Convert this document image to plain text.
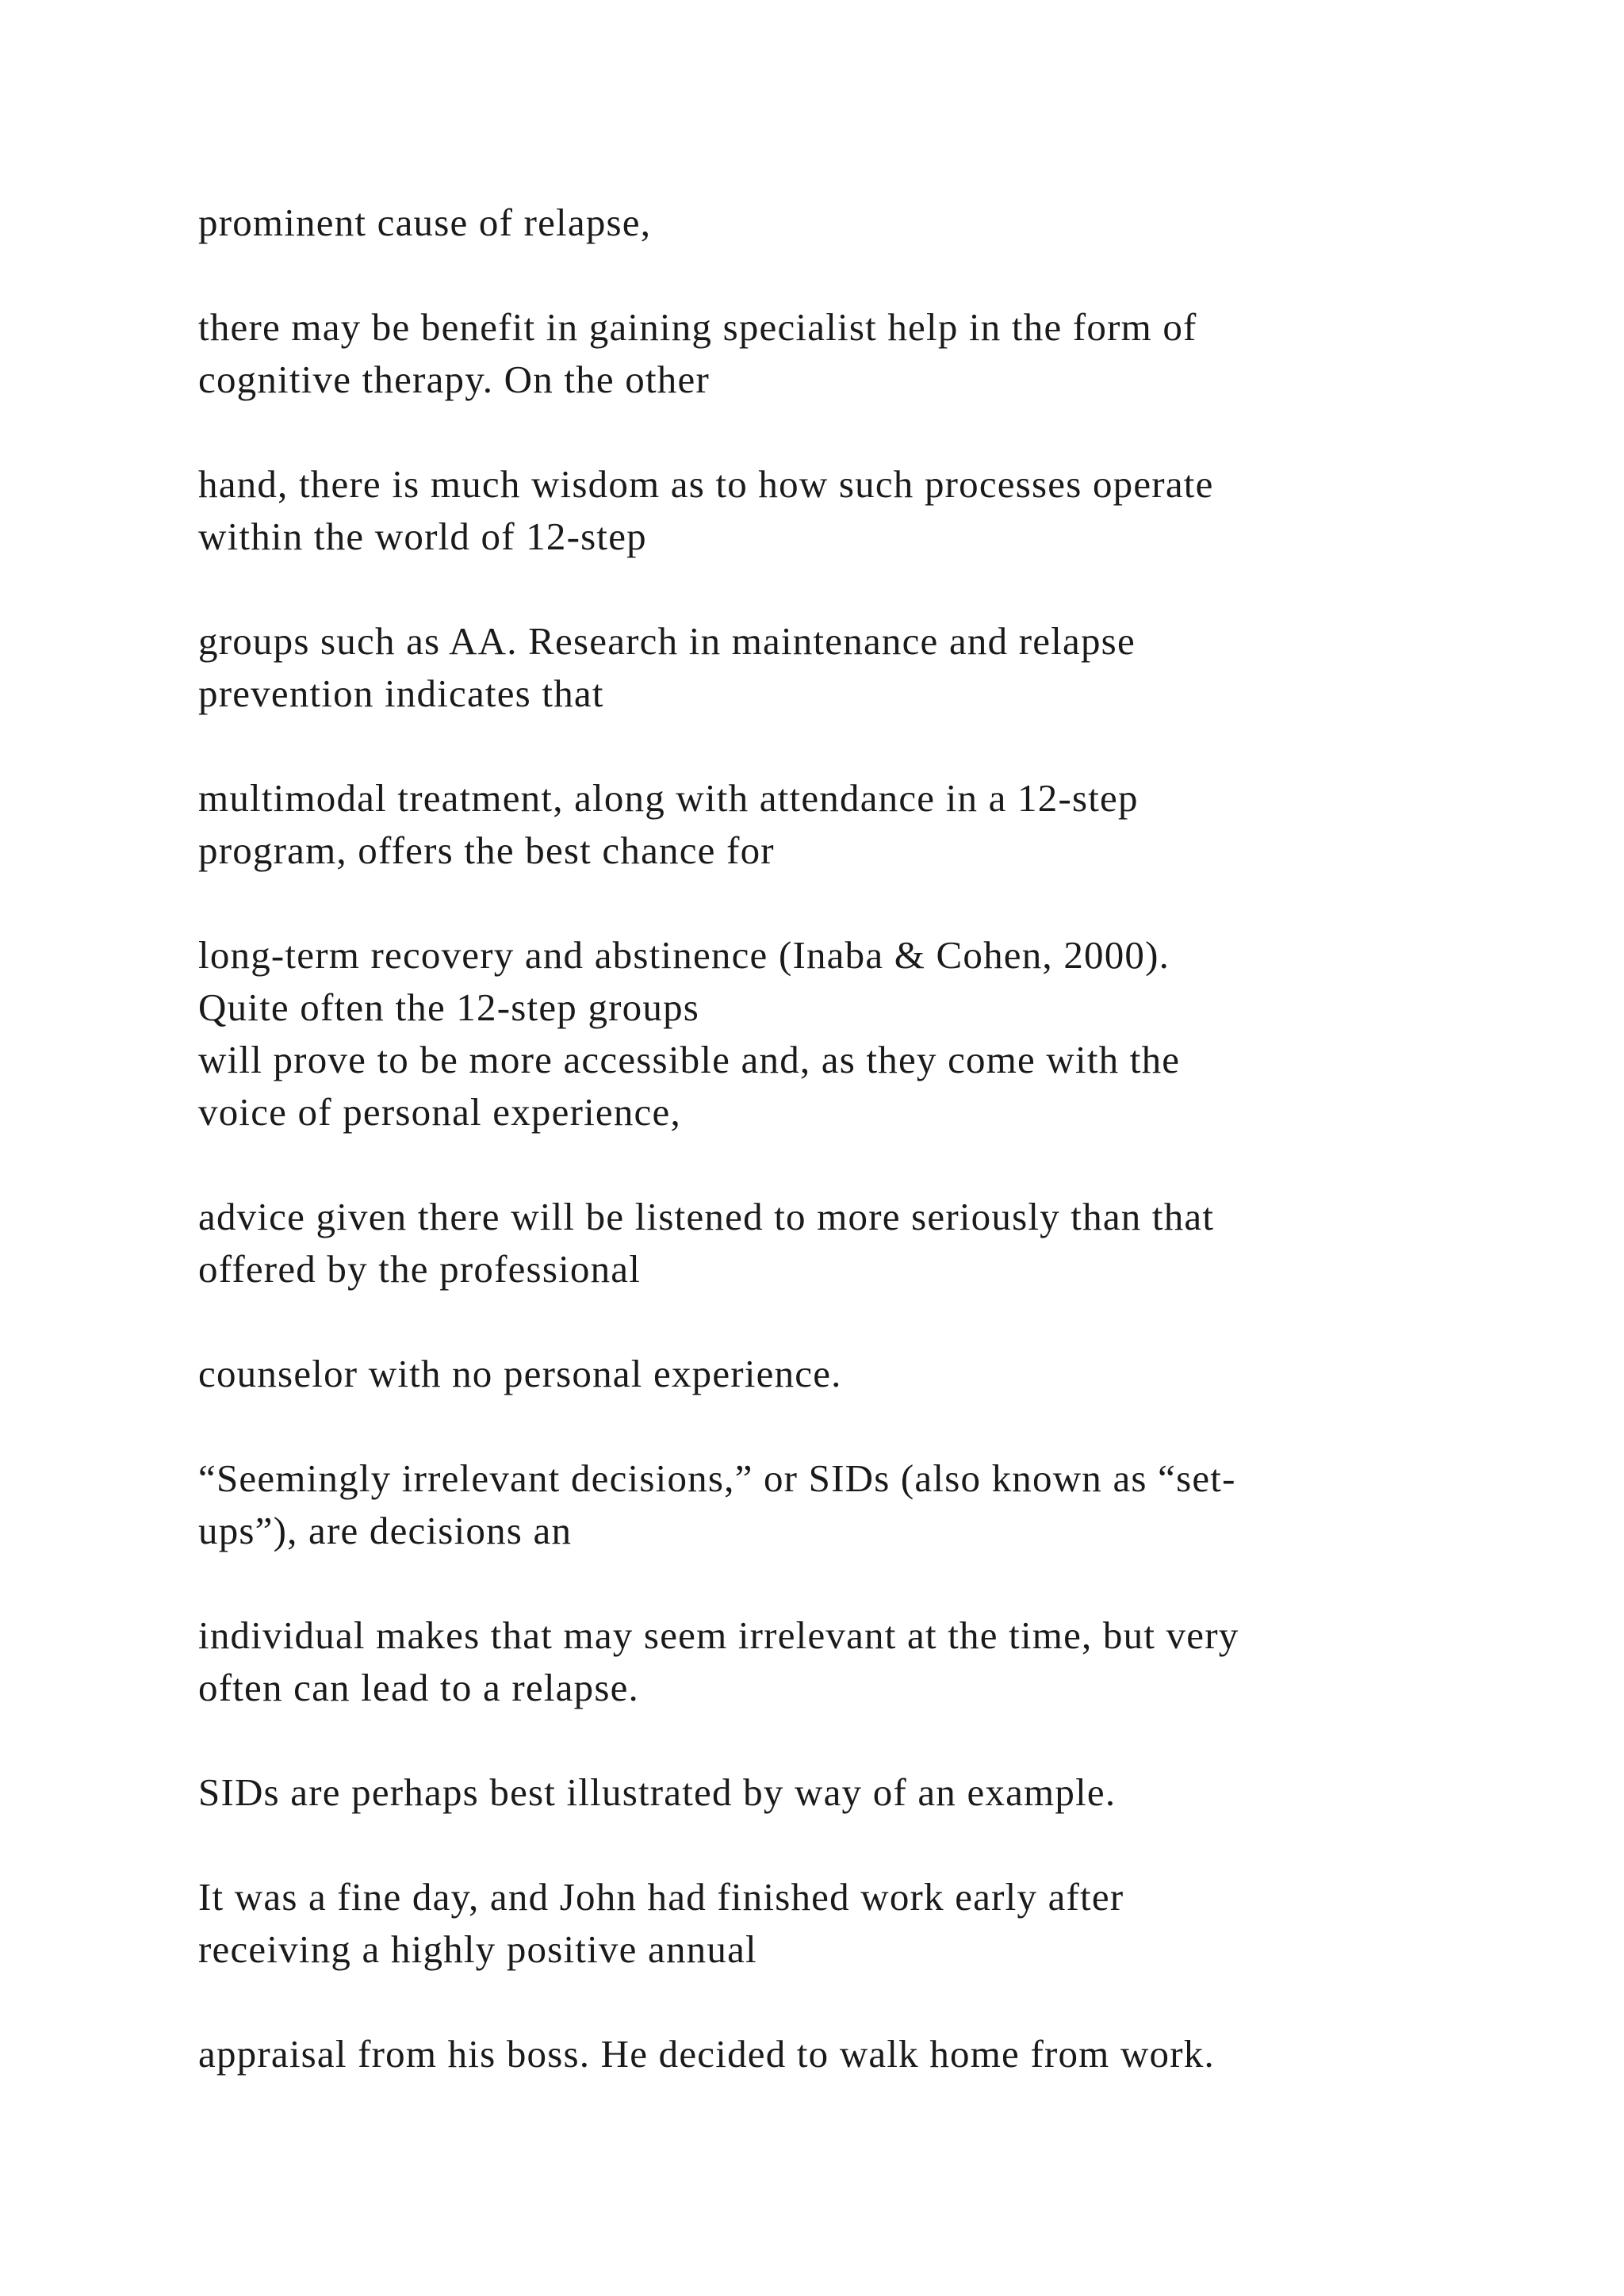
prominent cause of relapse,
there may be benefit in gaining specialist help in the form of
cognitive therapy. On the other
hand, there is much wisdom as to how such processes operate
within the world of 12-step
groups such as AA. Research in maintenance and relapse
prevention indicates that
multimodal treatment, along with attendance in a 12-step
program, offers the best chance for
long-term recovery and abstinence (Inaba & Cohen, 2000).
Quite often the 12-step groups
will prove to be more accessible and, as they come with the
voice of personal experience,
advice given there will be listened to more seriously than that
offered by the professional
counselor with no personal experience.
“Seemingly irrelevant decisions,” or SIDs (also known as “set-
ups”), are decisions an
individual makes that may seem irrelevant at the time, but very
often can lead to a relapse.
SIDs are perhaps best illustrated by way of an example.
It was a fine day, and John had finished work early after
receiving a highly positive annual
appraisal from his boss. He decided to walk home from work.
